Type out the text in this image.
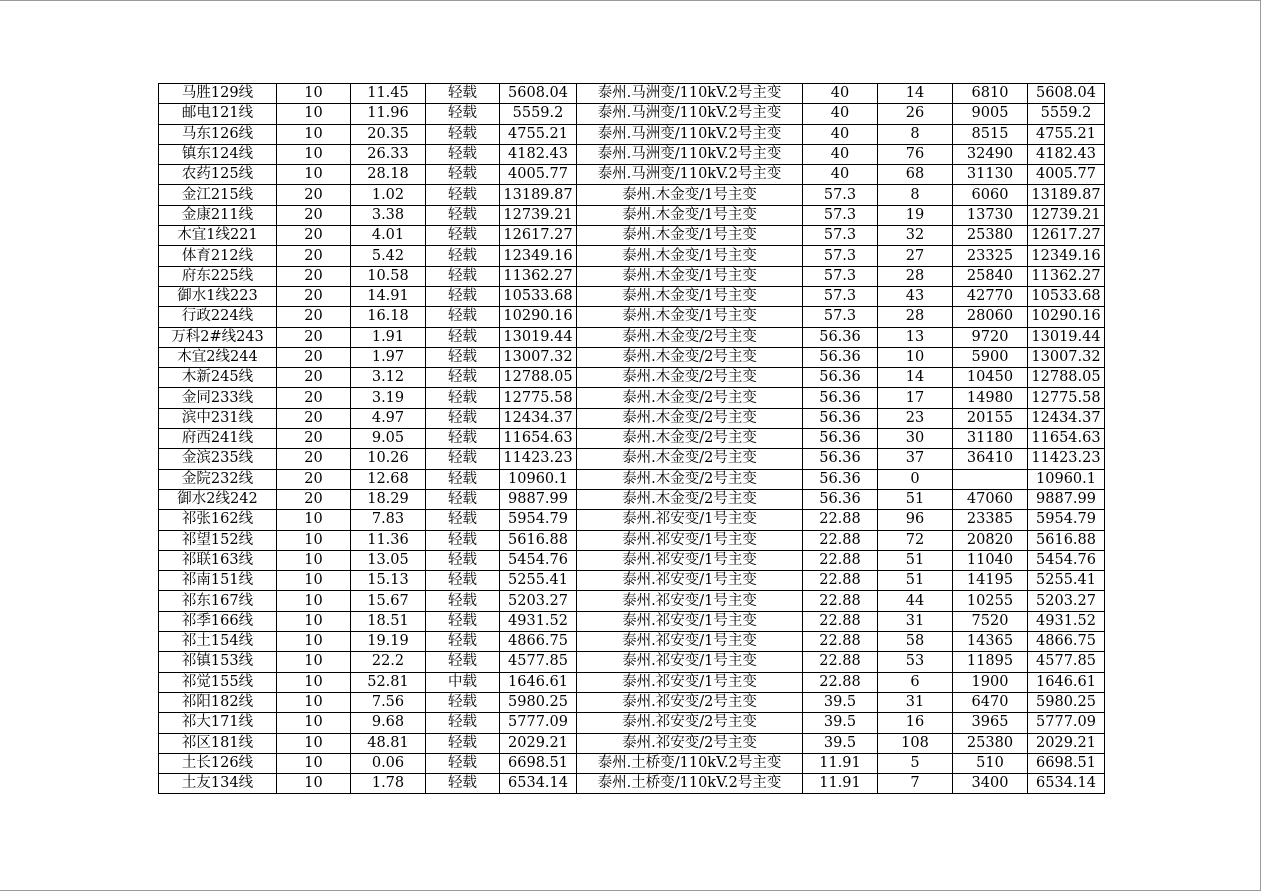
马胜129线	10	11.45	轻载	5608.04	泰州.马洲变/110kV.2号主变	40	14	6810	5608.04
邮电121线	10	11.96	轻载	5559.2	泰州.马洲变/110kV.2号主变	40	26	9005	5559.2
马东126线	10	20.35	轻载	4755.21	泰州.马洲变/110kV.2号主变	40	8	8515	4755.21
镇东124线	10	26.33	轻载	4182.43	泰州.马洲变/110kV.2号主变	40	76	32490	4182.43
农药125线	10	28.18	轻载	4005.77	泰州.马洲变/110kV.2号主变	40	68	31130	4005.77
金江215线	20	1.02	轻载	13189.87	泰州.木金变/1号主变	57.3	8	6060	13189.87
金康211线	20	3.38	轻载	12739.21	泰州.木金变/1号主变	57.3	19	13730	12739.21
木宜1线221	20	4.01	轻载	12617.27	泰州.木金变/1号主变	57.3	32	25380	12617.27
体育212线	20	5.42	轻载	12349.16	泰州.木金变/1号主变	57.3	27	23325	12349.16
府东225线	20	10.58	轻载	11362.27	泰州.木金变/1号主变	57.3	28	25840	11362.27
御水1线223	20	14.91	轻载	10533.68	泰州.木金变/1号主变	57.3	43	42770	10533.68
行政224线	20	16.18	轻载	10290.16	泰州.木金变/1号主变	57.3	28	28060	10290.16
万科2#线243	20	1.91	轻载	13019.44	泰州.木金变/2号主变	56.36	13	9720	13019.44
木宜2线244	20	1.97	轻载	13007.32	泰州.木金变/2号主变	56.36	10	5900	13007.32
木新245线	20	3.12	轻载	12788.05	泰州.木金变/2号主变	56.36	14	10450	12788.05
金同233线	20	3.19	轻载	12775.58	泰州.木金变/2号主变	56.36	17	14980	12775.58
滨中231线	20	4.97	轻载	12434.37	泰州.木金变/2号主变	56.36	23	20155	12434.37
府西241线	20	9.05	轻载	11654.63	泰州.木金变/2号主变	56.36	30	31180	11654.63
金滨235线	20	10.26	轻载	11423.23	泰州.木金变/2号主变	56.36	37	36410	11423.23
金院232线	20	12.68	轻载	10960.1	泰州.木金变/2号主变	56.36	0		10960.1
御水2线242	20	18.29	轻载	9887.99	泰州.木金变/2号主变	56.36	51	47060	9887.99
祁张162线	10	7.83	轻载	5954.79	泰州.祁安变/1号主变	22.88	96	23385	5954.79
祁望152线	10	11.36	轻载	5616.88	泰州.祁安变/1号主变	22.88	72	20820	5616.88
祁联163线	10	13.05	轻载	5454.76	泰州.祁安变/1号主变	22.88	51	11040	5454.76
祁南151线	10	15.13	轻载	5255.41	泰州.祁安变/1号主变	22.88	51	14195	5255.41
祁东167线	10	15.67	轻载	5203.27	泰州.祁安变/1号主变	22.88	44	10255	5203.27
祁季166线	10	18.51	轻载	4931.52	泰州.祁安变/1号主变	22.88	31	7520	4931.52
祁土154线	10	19.19	轻载	4866.75	泰州.祁安变/1号主变	22.88	58	14365	4866.75
祁镇153线	10	22.2	轻载	4577.85	泰州.祁安变/1号主变	22.88	53	11895	4577.85
祁觉155线	10	52.81	中载	1646.61	泰州.祁安变/1号主变	22.88	6	1900	1646.61
祁阳182线	10	7.56	轻载	5980.25	泰州.祁安变/2号主变	39.5	31	6470	5980.25
祁大171线	10	9.68	轻载	5777.09	泰州.祁安变/2号主变	39.5	16	3965	5777.09
祁区181线	10	48.81	轻载	2029.21	泰州.祁安变/2号主变	39.5	108	25380	2029.21
土长126线	10	0.06	轻载	6698.51	泰州.土桥变/110kV.2号主变	11.91	5	510	6698.51
土友134线	10	1.78	轻载	6534.14	泰州.土桥变/110kV.2号主变	11.91	7	3400	6534.14
